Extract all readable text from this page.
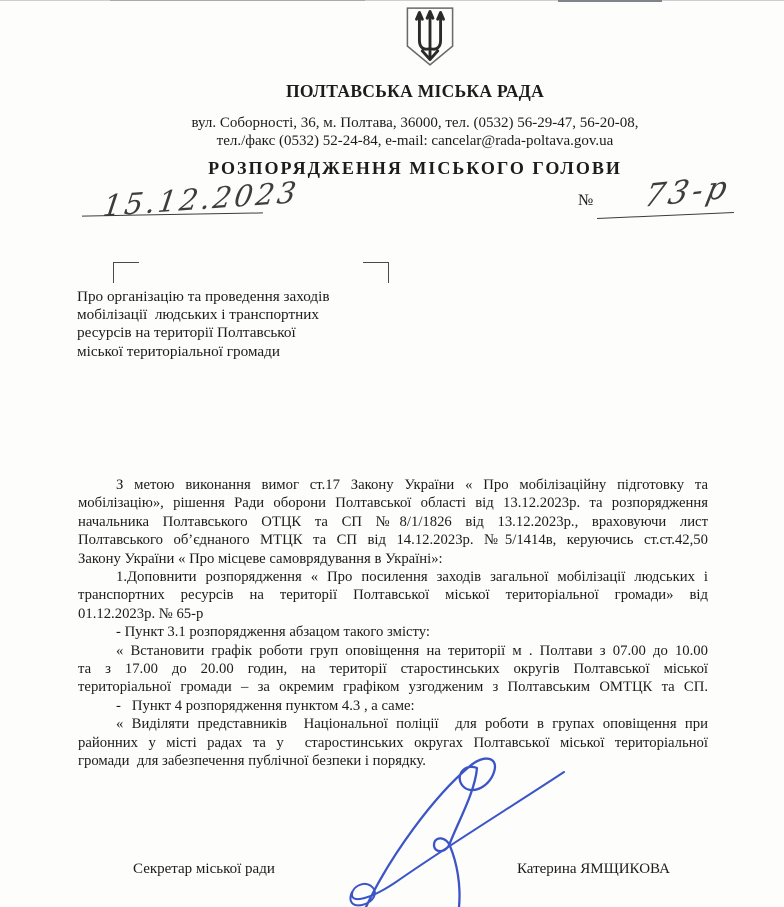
ПОЛТАВСЬКА МІСЬКА РАДА
вул. Соборності, 36, м. Полтава, 36000, тел. (0532) 56-29-47, 56-20-08,
тел./факс (0532) 52-24-84, e-mail: cancelar@rada-poltava.gov.ua
РОЗПОРЯДЖЕННЯ МІСЬКОГО ГОЛОВИ
15.12.2023	№ 73-р
Про організацію та проведення заходів
мобілізації  людських і транспортних
ресурсів на території Полтавської
міської територіальної громади
З метою виконання вимог ст.17 Закону України « Про мобілізаційну підготовку та
мобілізацію», рішення Ради оборони Полтавської області від 13.12.2023р. та розпорядження
начальника Полтавського ОТЦК та СП №8/1/1826 від 13.12.2023р., враховуючи лист
Полтавського об’єднаного МТЦК та СП від 14.12.2023р. №5/1414в, керуючись ст.ст.42,50
Закону України « Про місцеве самоврядування в Україні»:
1.Доповнити розпорядження « Про посилення заходів загальної мобілізації людських і
транспортних ресурсів на території Полтавської міської територіальної громади» від
01.12.2023р. № 65-р
- Пункт 3.1 розпорядження абзацом такого змісту:
« Встановити графік роботи груп оповіщення на території м . Полтави з 07.00 до 10.00
та з 17.00 до 20.00 годин, на території старостинських округів Полтавської міської
територіальної громади – за окремим графіком узгодженим з Полтавським ОМТЦК та СП.
-   Пункт 4 розпорядження пунктом 4.3 , а саме:
« Виділяти представників  Національної поліції  для роботи в групах оповіщення при
районних у місті радах та у  старостинських округах Полтавської міської територіальної
громади  для забезпечення публічної безпеки і порядку.
Секретар міської ради	Катерина ЯМЩИКОВА
